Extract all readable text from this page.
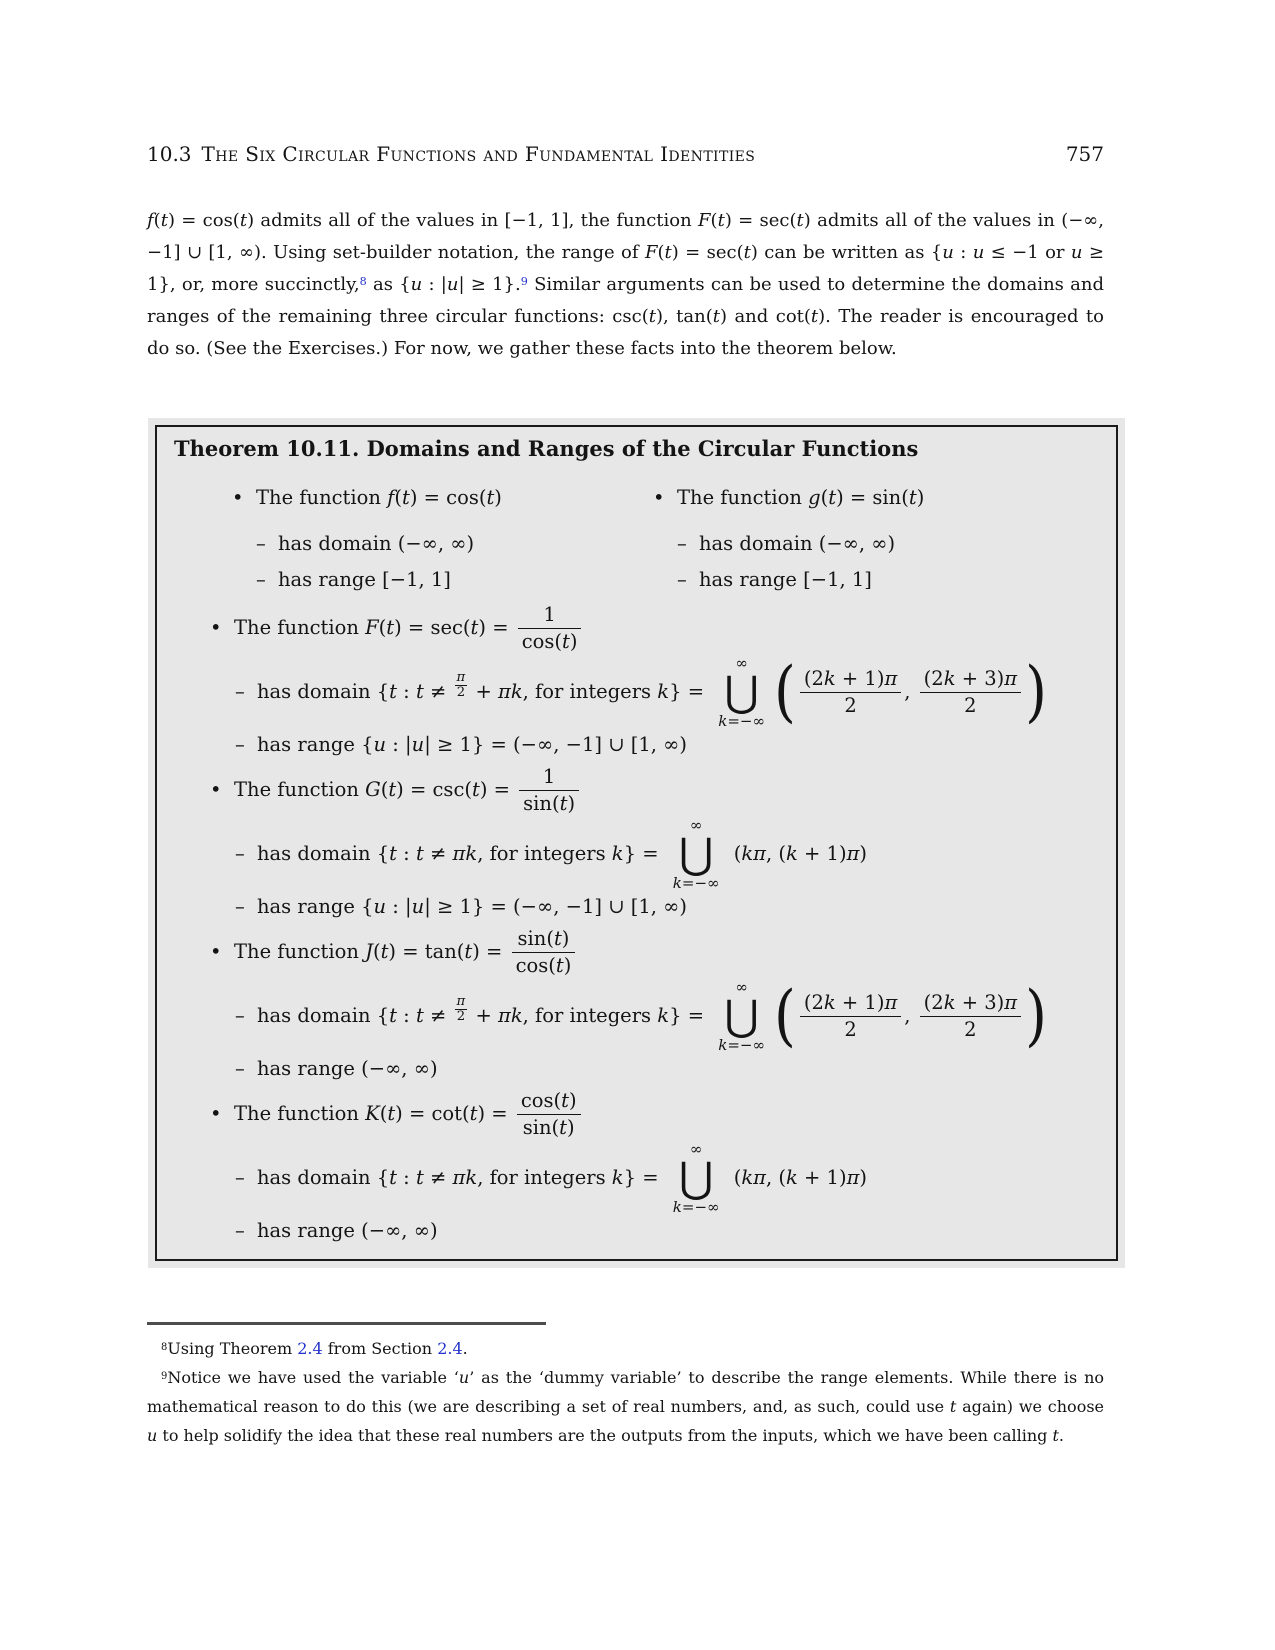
10.3 The Six Circular Functions and Fundamental Identities	757

f(t) = cos(t) admits all of the values in [−1, 1], the function F(t) = sec(t) admits all of the values in (−∞, −1] ∪ [1, ∞). Using set-builder notation, the range of F(t) = sec(t) can be written as {u : u ≤ −1 or u ≥ 1}, or, more succinctly,$^8$ as {u : |u| ≥ 1}.$^9$ Similar arguments can be used to determine the domains and ranges of the remaining three circular functions: csc(t), tan(t) and cot(t). The reader is encouraged to do so. (See the Exercises.) For now, we gather these facts into the theorem below.

Theorem 10.11. Domains and Ranges of the Circular Functions
• The function f(t) = cos(t)
– has domain (−∞, ∞)
– has range [−1, 1]
• The function g(t) = sin(t)
– has domain (−∞, ∞)
– has range [−1, 1]
• The function $F(t) = \sec(t) = \frac{1}{\cos(t)}$
– has domain {t : $t \ne \frac{\pi}{2} + \pi k$, for integers k} =
∞
⋃
k=−∞ ( $\frac{(2k + 1)\pi}{2}$ , $\frac{(2k + 3)\pi}{2}$ )
– has range {u : |u| ≥ 1} = (−∞, −1] ∪ [1, ∞)
• The function $G(t) = \csc(t) = \frac{1}{\sin(t)}$
– has domain {t : t ≠ πk, for integers k} =
∞
⋃
k=−∞
(kπ, (k + 1)π)
– has range {u : |u| ≥ 1} = (−∞, −1] ∪ [1, ∞)
• The function $J(t) = \tan(t) = \frac{\sin(t)}{\cos(t)}$
– has domain {t : $t \ne \frac{\pi}{2} + \pi k$, for integers k} =
∞
⋃
k=−∞ ( $\frac{(2k + 1)\pi}{2}$ , $\frac{(2k + 3)\pi}{2}$ )
– has range (−∞, ∞)
• The function $K(t) = \cot(t) = \frac{\cos(t)}{\sin(t)}$
– has domain {t : t ≠ πk, for integers k} =
∞
⋃
k=−∞
(kπ, (k + 1)π)
– has range (−∞, ∞)

$^8$Using Theorem 2.4 from Section 2.4.

$^9$Notice we have used the variable ‘u’ as the ‘dummy variable’ to describe the range elements. While there is no mathematical reason to do this (we are describing a set of real numbers, and, as such, could use t again) we choose u to help solidify the idea that these real numbers are the outputs from the inputs, which we have been calling t.
